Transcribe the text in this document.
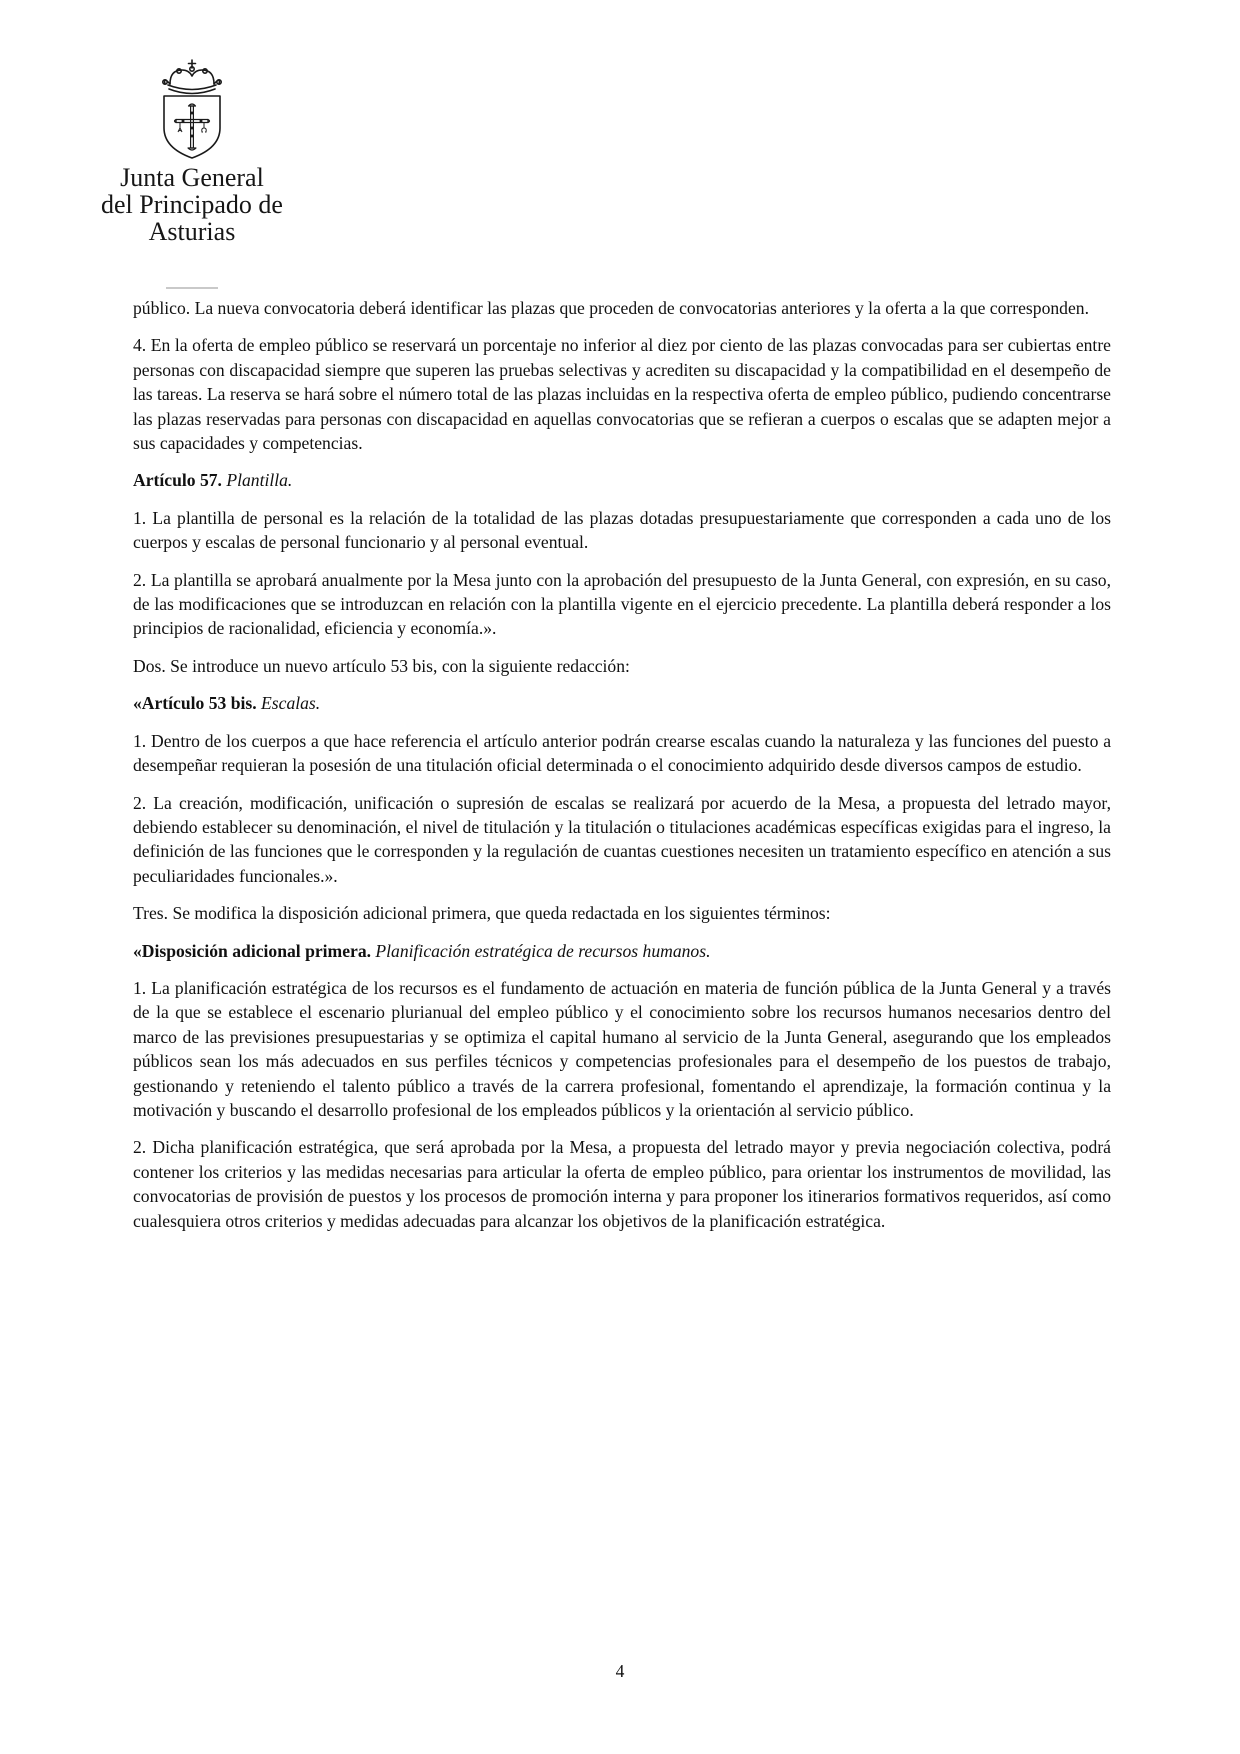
Junta General
del Principado de Asturias

público. La nueva convocatoria deberá identificar las plazas que proceden de convocatorias anteriores y la oferta a la que corresponden.

4. En la oferta de empleo público se reservará un porcentaje no inferior al diez por ciento de las plazas convocadas para ser cubiertas entre personas con discapacidad siempre que superen las pruebas selectivas y acrediten su discapacidad y la compatibilidad en el desempeño de las tareas. La reserva se hará sobre el número total de las plazas incluidas en la respectiva oferta de empleo público, pudiendo concentrarse las plazas reservadas para personas con discapacidad en aquellas convocatorias que se refieran a cuerpos o escalas que se adapten mejor a sus capacidades y competencias.

Artículo 57. Plantilla.

1. La plantilla de personal es la relación de la totalidad de las plazas dotadas presupuestariamente que corresponden a cada uno de los cuerpos y escalas de personal funcionario y al personal eventual.

2. La plantilla se aprobará anualmente por la Mesa junto con la aprobación del presupuesto de la Junta General, con expresión, en su caso, de las modificaciones que se introduzcan en relación con la plantilla vigente en el ejercicio precedente. La plantilla deberá responder a los principios de racionalidad, eficiencia y economía.».

Dos. Se introduce un nuevo artículo 53 bis, con la siguiente redacción:

«Artículo 53 bis. Escalas.

1. Dentro de los cuerpos a que hace referencia el artículo anterior podrán crearse escalas cuando la naturaleza y las funciones del puesto a desempeñar requieran la posesión de una titulación oficial determinada o el conocimiento adquirido desde diversos campos de estudio.

2. La creación, modificación, unificación o supresión de escalas se realizará por acuerdo de la Mesa, a propuesta del letrado mayor, debiendo establecer su denominación, el nivel de titulación y la titulación o titulaciones académicas específicas exigidas para el ingreso, la definición de las funciones que le corresponden y la regulación de cuantas cuestiones necesiten un tratamiento específico en atención a sus peculiaridades funcionales.».

Tres. Se modifica la disposición adicional primera, que queda redactada en los siguientes términos:

«Disposición adicional primera. Planificación estratégica de recursos humanos.

1. La planificación estratégica de los recursos es el fundamento de actuación en materia de función pública de la Junta General y a través de la que se establece el escenario plurianual del empleo público y el conocimiento sobre los recursos humanos necesarios dentro del marco de las previsiones presupuestarias y se optimiza el capital humano al servicio de la Junta General, asegurando que los empleados públicos sean los más adecuados en sus perfiles técnicos y competencias profesionales para el desempeño de los puestos de trabajo, gestionando y reteniendo el talento público a través de la carrera profesional, fomentando el aprendizaje, la formación continua y la motivación y buscando el desarrollo profesional de los empleados públicos y la orientación al servicio público.

2. Dicha planificación estratégica, que será aprobada por la Mesa, a propuesta del letrado mayor y previa negociación colectiva, podrá contener los criterios y las medidas necesarias para articular la oferta de empleo público, para orientar los instrumentos de movilidad, las convocatorias de provisión de puestos y los procesos de promoción interna y para proponer los itinerarios formativos requeridos, así como cualesquiera otros criterios y medidas adecuadas para alcanzar los objetivos de la planificación estratégica.

4
